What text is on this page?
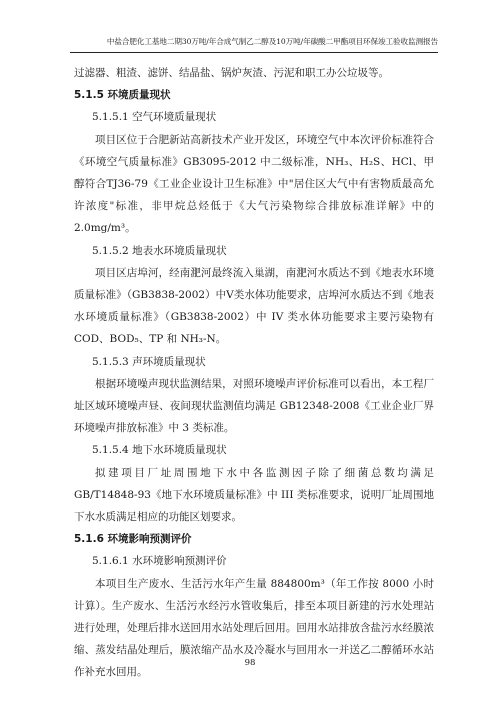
中盐合肥化工基地二期30万吨/年合成气制乙二醇及10万吨/年碳酸二甲酯项目环保竣工验收监测报告

过滤器、粗渣、滤饼、结晶盐、锅炉灰渣、污泥和职工办公垃圾等。

5.1.5 环境质量现状

5.1.5.1 空气环境质量现状

项目区位于合肥新站高新技术产业开发区，环境空气中本次评价标准符合《环境空气质量标准》GB3095-2012 中二级标准，NH₃、H₂S、HCl、甲醇符合TJ36-79《工业企业设计卫生标准》中"居住区大气中有害物质最高允许浓度"标准，非甲烷总烃低于《大气污染物综合排放标准详解》中的 2.0mg/m³。

5.1.5.2 地表水环境质量现状

项目区店埠河，经南淝河最终流入巢湖，南淝河水质达不到《地表水环境质量标准》（GB3838-2002）中Ⅴ类水体功能要求，店埠河水质达不到《地表水环境质量标准》（GB3838-2002）中 IV 类水体功能要求主要污染物有 COD、BOD₅、TP 和 NH₃-N。

5.1.5.3 声环境质量现状

根据环境噪声现状监测结果，对照环境噪声评价标准可以看出，本工程厂址区域环境噪声昼、夜间现状监测值均满足 GB12348-2008《工业企业厂界环境噪声排放标准》中 3 类标准。

5.1.5.4 地下水环境质量现状

拟建项目厂址周围地下水中各监测因子除了细菌总数均满足 GB/T14848-93《地下水环境质量标准》中 III 类标准要求，说明厂址周围地下水水质满足相应的功能区划要求。

5.1.6 环境影响预测评价

5.1.6.1 水环境影响预测评价

本项目生产废水、生活污水年产生量 884800m³（年工作按 8000 小时计算）。生产废水、生活污水经污水管收集后，排至本项目新建的污水处理站进行处理，处理后排水送回用水站处理后回用。回用水站排放含盐污水经膜浓缩、蒸发结晶处理后，膜浓缩产品水及冷凝水与回用水一并送乙二醇循环水站作补充水回用。

98
